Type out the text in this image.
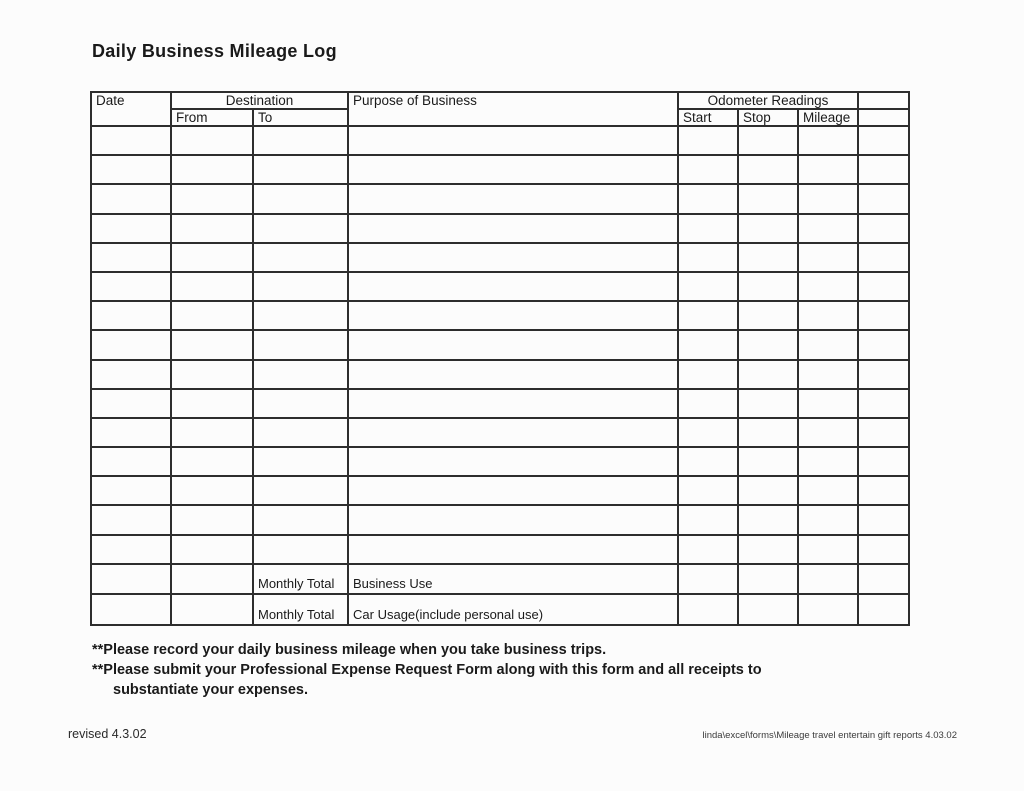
Daily Business Mileage Log
Date	Destination		Purpose of Business	Odometer Readings			
	From	To		Start	Stop	Mileage	

		Monthly Total	Business Use				
		Monthly Total	Car Usage(include personal use)				
**Please record your daily business mileage when you take business trips.
**Please submit your Professional Expense Request Form along with this form and all receipts to
substantiate your expenses.
revised 4.3.02	linda\excel\forms\Mileage travel entertain gift reports 4.03.02
